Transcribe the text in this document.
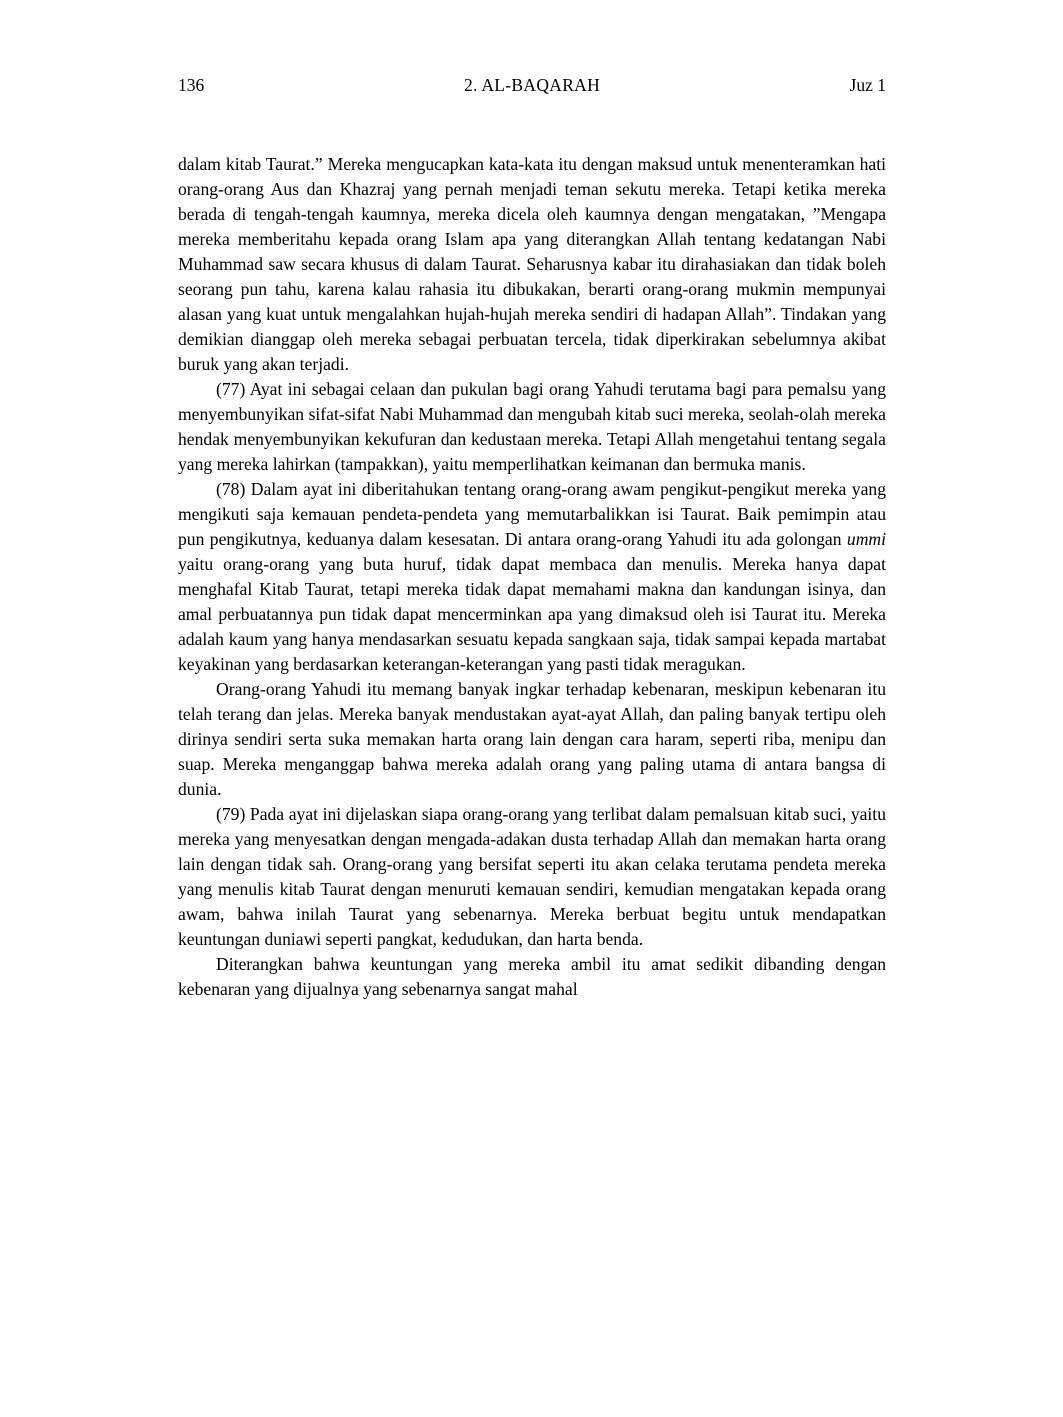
136	2. AL-BAQARAH	Juz 1

dalam kitab Taurat.” Mereka mengucapkan kata-kata itu dengan maksud untuk menenteramkan hati orang-orang Aus dan Khazraj yang pernah menjadi teman sekutu mereka. Tetapi ketika mereka berada di tengah-tengah kaumnya, mereka dicela oleh kaumnya dengan mengatakan, ”Mengapa mereka memberitahu kepada orang Islam apa yang diterangkan Allah tentang kedatangan Nabi Muhammad saw secara khusus di dalam Taurat. Seharusnya kabar itu dirahasiakan dan tidak boleh seorang pun tahu, karena kalau rahasia itu dibukakan, berarti orang-orang mukmin mempunyai alasan yang kuat untuk mengalahkan hujah-hujah mereka sendiri di hadapan Allah”. Tindakan yang demikian dianggap oleh mereka sebagai perbuatan tercela, tidak diperkirakan sebelumnya akibat buruk yang akan terjadi.

(77) Ayat ini sebagai celaan dan pukulan bagi orang Yahudi terutama bagi para pemalsu yang menyembunyikan sifat-sifat Nabi Muhammad dan mengubah kitab suci mereka, seolah-olah mereka hendak menyembunyikan kekufuran dan kedustaan mereka. Tetapi Allah mengetahui tentang segala yang mereka lahirkan (tampakkan), yaitu memperlihatkan keimanan dan bermuka manis.

(78) Dalam ayat ini diberitahukan tentang orang-orang awam pengikut-pengikut mereka yang mengikuti saja kemauan pendeta-pendeta yang memutarbalikkan isi Taurat. Baik pemimpin atau pun pengikutnya, keduanya dalam kesesatan. Di antara orang-orang Yahudi itu ada golongan ummi yaitu orang-orang yang buta huruf, tidak dapat membaca dan menulis. Mereka hanya dapat menghafal Kitab Taurat, tetapi mereka tidak dapat memahami makna dan kandungan isinya, dan amal perbuatannya pun tidak dapat mencerminkan apa yang dimaksud oleh isi Taurat itu. Mereka adalah kaum yang hanya mendasarkan sesuatu kepada sangkaan saja, tidak sampai kepada martabat keyakinan yang berdasarkan keterangan-keterangan yang pasti tidak meragukan.

Orang-orang Yahudi itu memang banyak ingkar terhadap kebenaran, meskipun kebenaran itu telah terang dan jelas. Mereka banyak mendustakan ayat-ayat Allah, dan paling banyak tertipu oleh dirinya sendiri serta suka memakan harta orang lain dengan cara haram, seperti riba, menipu dan suap. Mereka menganggap bahwa mereka adalah orang yang paling utama di antara bangsa di dunia.

(79) Pada ayat ini dijelaskan siapa orang-orang yang terlibat dalam pemalsuan kitab suci, yaitu mereka yang menyesatkan dengan mengada-adakan dusta terhadap Allah dan memakan harta orang lain dengan tidak sah. Orang-orang yang bersifat seperti itu akan celaka terutama pendeta mereka yang menulis kitab Taurat dengan menuruti kemauan sendiri, kemudian mengatakan kepada orang awam, bahwa inilah Taurat yang sebenarnya. Mereka berbuat begitu untuk mendapatkan keuntungan duniawi seperti pangkat, kedudukan, dan harta benda.

Diterangkan bahwa keuntungan yang mereka ambil itu amat sedikit dibanding dengan kebenaran yang dijualnya yang sebenarnya sangat mahal
